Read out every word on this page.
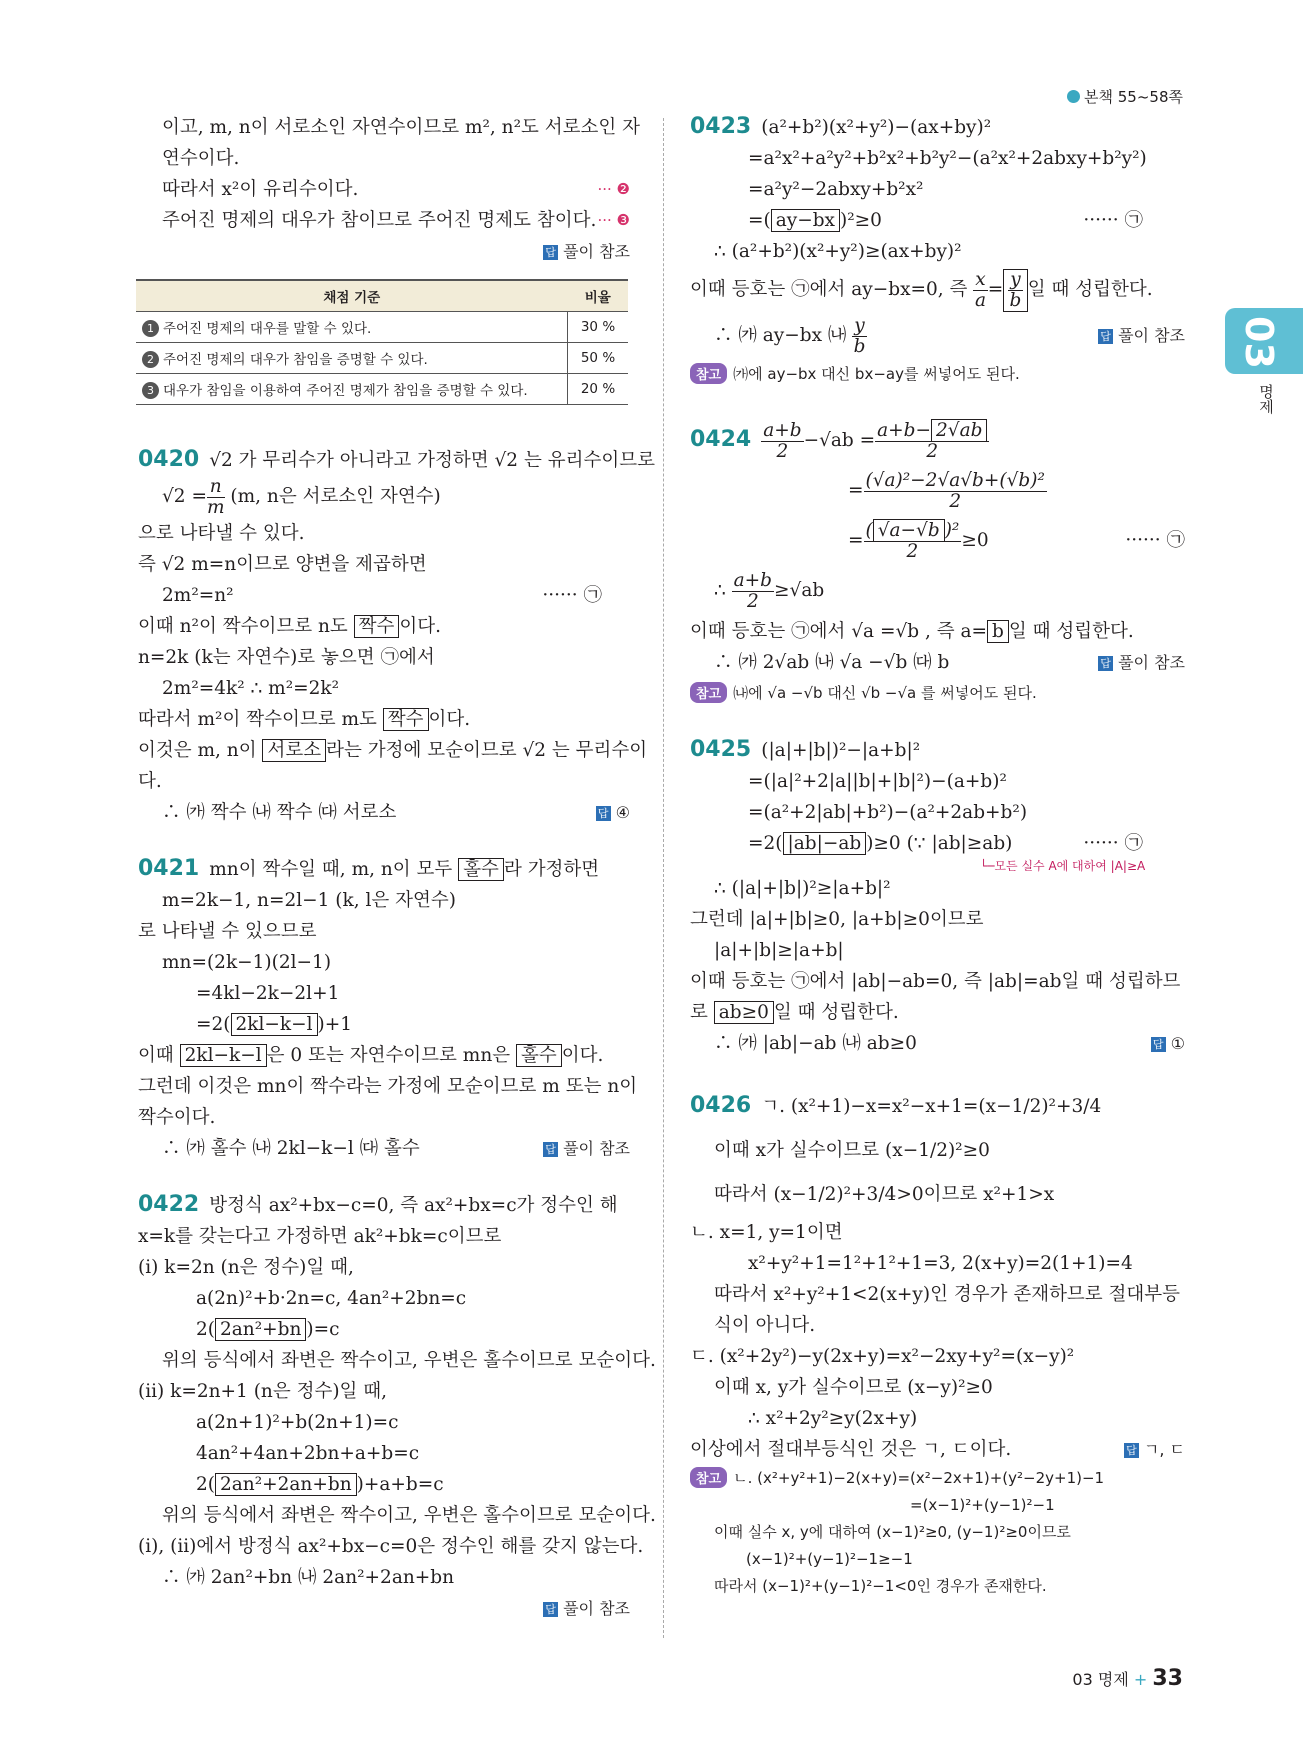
본책 55~58쪽
03
명제
이고, m, n이 서로소인 자연수이므로 m², n²도 서로소인 자
연수이다.
따라서 x²이 유리수이다.	··· ❷
주어진 명제의 대우가 참이므로 주어진 명제도 참이다. ··· ❸
답 풀이 참조
채점 기준	비율
1 주어진 명제의 대우를 말할 수 있다.	30 %
2 주어진 명제의 대우가 참임을 증명할 수 있다.	50 %
3 대우가 참임을 이용하여 주어진 명제가 참임을 증명할 수 있다.	20 %
0420 √2 가 무리수가 아니라고 가정하면 √2 는 유리수이므로
$√2 = \frac{n}{m} (m$, n은 서로소인 자연수)
으로 나타낼 수 있다.
즉 √2 m=n이므로 양변을 제곱하면
2m²=n²	······ ㉠
이때 n²이 짝수이므로 n도 짝수 이다.
n=2k (k는 자연수)로 놓으면 ㉠에서
2m²=4k² ∴ m²=2k²
따라서 m²이 짝수이므로 m도 짝수 이다.
이것은 m, n이 서로소 라는 가정에 모순이므로 √2 는 무리수이
다.
∴ ㈎ 짝수 ㈏ 짝수 ㈐ 서로소	답 ④
0421 mn이 짝수일 때, m, n이 모두 홀수 라 가정하면
m=2k−1, n=2l−1 (k, l은 자연수)
로 나타낼 수 있으므로
mn=(2k−1)(2l−1)
=4kl−2k−2l+1
=2( 2kl−k−l )+1
이때 2kl−k−l 은 0 또는 자연수이므로 mn은 홀수 이다.
그런데 이것은 mn이 짝수라는 가정에 모순이므로 m 또는 n이
짝수이다.
∴ ㈎ 홀수 ㈏ 2kl−k−l ㈐ 홀수	답 풀이 참조
0422 방정식 ax²+bx−c=0, 즉 ax²+bx=c가 정수인 해
x=k를 갖는다고 가정하면 ak²+bk=c이므로
(i) k=2n (n은 정수)일 때,
a(2n)²+b·2n=c, 4an²+2bn=c
2( 2an²+bn )=c
위의 등식에서 좌변은 짝수이고, 우변은 홀수이므로 모순이다.
(ii) k=2n+1 (n은 정수)일 때,
a(2n+1)²+b(2n+1)=c
4an²+4an+2bn+a+b=c
2( 2an²+2an+bn )+a+b=c
위의 등식에서 좌변은 짝수이고, 우변은 홀수이므로 모순이다.
(i), (ii)에서 방정식 ax²+bx−c=0은 정수인 해를 갖지 않는다.
∴ ㈎ 2an²+bn ㈏ 2an²+2an+bn
답 풀이 참조
0423 (a²+b²)(x²+y²)−(ax+by)²
=a²x²+a²y²+b²x²+b²y²−(a²x²+2abxy+b²y²)
=a²y²−2abxy+b²x²
=( ay−bx )²≥0	······ ㉠
∴ (a²+b²)(x²+y²)≥(ax+by)²
이때 등호는 ㉠에서 ay−bx=0, 즉 $\frac{x}{a} = \frac{y}{b}$ 일 때 성립한다.
∴ ㈎ ay−bx ㈏ $\frac{y}{b}$	답 풀이 참조
참고 ㈎에 ay−bx 대신 bx−ay를 써넣어도 된다.
$0424 \frac{a+b}{2} -√ab = \frac{a+b- 2√ab}{2}$
= $\frac{\text{(√a)²−2√a√b+(√b)²}}{2}$
= $\frac{\text{( √a−√b )²}}{2} \ge 0$	······ ㉠
∴ $\frac{a+b}{2} \ge√ab$
이때 등호는 ㉠에서 √a =√b , 즉 a= b 일 때 성립한다.
∴ ㈎ 2√ab ㈏ √a −√b ㈐ b	답 풀이 참조
참고 ㈏에 √a −√b 대신 √b −√a 를 써넣어도 된다.
0425 (|a|+|b|)²−|a+b|²
=(|a|²+2|a||b|+|b|²)−(a+b)²
=(a²+2|ab|+b²)−(a²+2ab+b²)
=2( |ab|−ab )≥0 (∵ |ab|≥ab)	······ ㉠
└─모든 실수 A에 대하여 |A|≥A
∴ (|a|+|b|)²≥|a+b|²
그런데 |a|+|b|≥0, |a+b|≥0이므로
|a|+|b|≥|a+b|
이때 등호는 ㉠에서 |ab|−ab=0, 즉 |ab|=ab일 때 성립하므
로 ab≥0 일 때 성립한다.
∴ ㈎ |ab|−ab ㈏ ab≥0	답 ①
0426 ㄱ. (x²+1)−x=x²−x+1=(x−1/2)²+3/4
이때 x가 실수이므로 (x−1/2)²≥0
따라서 (x−1/2)²+3/4>0이므로 x²+1>x
ㄴ. x=1, y=1이면
x²+y²+1=1²+1²+1=3, 2(x+y)=2(1+1)=4
따라서 x²+y²+1<2(x+y)인 경우가 존재하므로 절대부등
식이 아니다.
ㄷ. (x²+2y²)−y(2x+y)=x²−2xy+y²=(x−y)²
이때 x, y가 실수이므로 (x−y)²≥0
∴ x²+2y²≥y(2x+y)
이상에서 절대부등식인 것은 ㄱ, ㄷ이다.	답 ㄱ, ㄷ
참고 ㄴ. (x²+y²+1)−2(x+y)=(x²−2x+1)+(y²−2y+1)−1
=(x−1)²+(y−1)²−1
이때 실수 x, y에 대하여 (x−1)²≥0, (y−1)²≥0이므로
(x−1)²+(y−1)²−1≥−1
따라서 (x−1)²+(y−1)²−1<0인 경우가 존재한다.
03 명제 + 33
